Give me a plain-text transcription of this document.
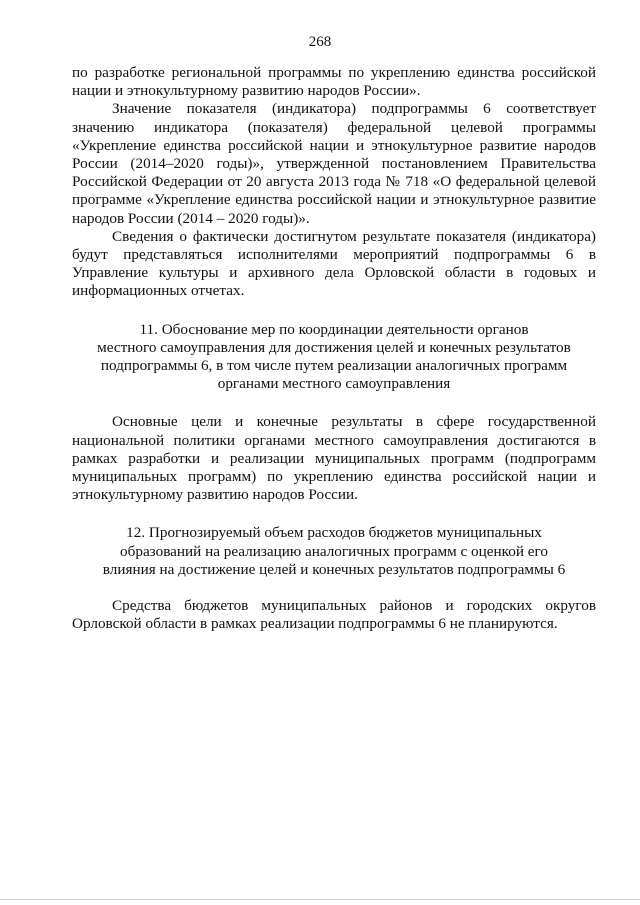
268

по разработке региональной программы по укреплению единства российской нации и этнокультурному развитию народов России».

Значение показателя (индикатора) подпрограммы 6 соответствует значению индикатора (показателя) федеральной целевой программы «Укрепление единства российской нации и этнокультурное развитие народов России (2014–2020 годы)», утвержденной постановлением Правительства Российской Федерации от 20 августа 2013 года № 718 «О федеральной целевой программе «Укрепление единства российской нации и этнокультурное развитие народов России (2014 – 2020 годы)».

Сведения о фактически достигнутом результате показателя (индикатора) будут представляться исполнителями мероприятий подпрограммы 6 в Управление культуры и архивного дела Орловской области в годовых и информационных отчетах.

11. Обоснование мер по координации деятельности органов
местного самоуправления для достижения целей и конечных результатов
подпрограммы 6, в том числе путем реализации аналогичных программ
органами местного самоуправления

Основные цели и конечные результаты в сфере государственной национальной политики органами местного самоуправления достигаются в рамках разработки и реализации муниципальных программ (подпрограмм муниципальных программ) по укреплению единства российской нации и этнокультурному развитию народов России.

12. Прогнозируемый объем расходов бюджетов муниципальных
образований на реализацию аналогичных программ с оценкой его
влияния на достижение целей и конечных результатов подпрограммы 6

Средства бюджетов муниципальных районов и городских округов Орловской области в рамках реализации подпрограммы 6 не планируются.
